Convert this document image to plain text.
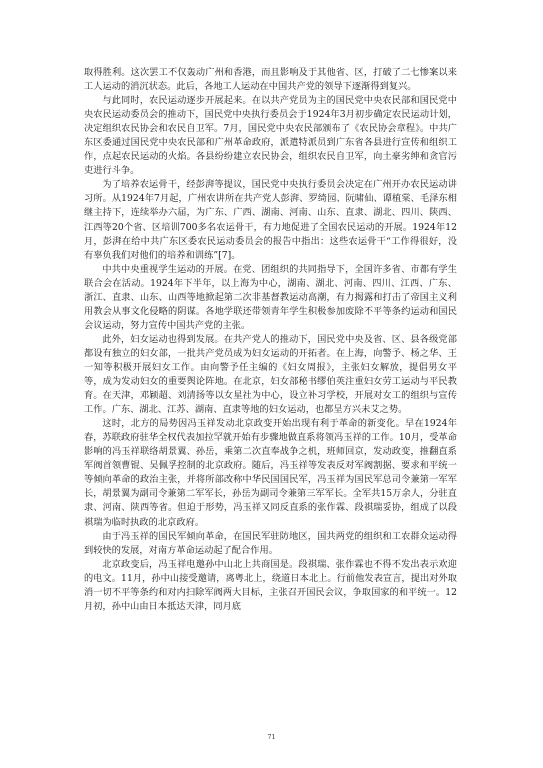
取得胜利。这次罢工不仅轰动广州和香港，而且影响及于其他省、区，打破了二七惨案以来工人运动的消沉状态。此后，各地工人运动在中国共产党的领导下逐渐得到复兴。

与此同时，农民运动逐步开展起来。在以共产党员为主的国民党中央农民部和国民党中央农民运动委员会的推动下，国民党中央执行委员会于1924年3月初步确定农民运动计划，决定组织农民协会和农民自卫军。7月，国民党中央农民部颁布了《农民协会章程》。中共广东区委通过国民党中央农民部和广州革命政府，派遣特派员到广东省各县进行宣传和组织工作，点起农民运动的火焰。各县纷纷建立农民协会，组织农民自卫军，向土豪劣绅和贪官污吏进行斗争。

为了培养农运骨干，经彭湃等提议，国民党中央执行委员会决定在广州开办农民运动讲习所。从1924年7月起，广州农讲所在共产党人彭湃、罗绮园、阮啸仙、谭植棠、毛泽东相继主持下，连续举办六届，为广东、广西、湖南、河南、山东、直隶、湖北、四川、陕西、江西等20个省、区培训700多名农运骨干，有力地促进了全国农民运动的开展。1924年12月，彭湃在给中共广东区委农民运动委员会的报告中指出：这些农运骨干“工作得很好，没有辜负我们对他们的培养和训练”[7]。

中共中央重视学生运动的开展。在党、团组织的共同指导下，全国许多省、市都有学生联合会在活动。1924年下半年，以上海为中心，湖南、湖北、河南、四川、江西、广东、浙江、直隶、山东、山西等地掀起第二次非基督教运动高潮，有力揭露和打击了帝国主义利用教会从事文化侵略的阴谋。各地学联还带领青年学生积极参加废除不平等条约运动和国民会议运动，努力宣传中国共产党的主张。

此外，妇女运动也得到发展。在共产党人的推动下，国民党中央及省、区、县各级党部都设有独立的妇女部，一批共产党员成为妇女运动的开拓者。在上海，向警予、杨之华、王一知等积极开展妇女工作。由向警予任主编的《妇女周报》，主张妇女解放，提倡男女平等，成为发动妇女的重要舆论阵地。在北京，妇女部秘书缪伯英注重妇女劳工运动与平民教育。在天津，邓颖超、刘清扬等以女星社为中心，设立补习学校，开展对女工的组织与宣传工作。广东、湖北、江苏、湖南、直隶等地的妇女运动，也都呈方兴未艾之势。

这时，北方的局势因冯玉祥发动北京政变开始出现有利于革命的新变化。早在1924年春，苏联政府驻华全权代表加拉罕就开始有步骤地做直系将领冯玉祥的工作。10月，受革命影响的冯玉祥联络胡景翼、孙岳，乘第二次直奉战争之机，班师回京，发动政变，推翻直系军阀首领曹锟、吴佩孚控制的北京政府。随后，冯玉祥等发表反对军阀割据、要求和平统一等倾向革命的政治主张，并将所部改称中华民国国民军，冯玉祥为国民军总司令兼第一军军长，胡景翼为副司令兼第二军军长，孙岳为副司令兼第三军军长。全军共15万余人，分驻直隶、河南、陕西等省。但迫于形势，冯玉祥又同反直系的张作霖、段祺瑞妥协，组成了以段祺瑞为临时执政的北京政府。

由于冯玉祥的国民军倾向革命，在国民军驻防地区，国共两党的组织和工农群众运动得到较快的发展，对南方革命运动起了配合作用。

北京政变后，冯玉祥电邀孙中山北上共商国是。段祺瑞、张作霖也不得不发出表示欢迎的电文。11月，孙中山接受邀请，离粤北上，绕道日本北上。行前他发表宣言，提出对外取消一切不平等条约和对内扫除军阀两大目标，主张召开国民会议，争取国家的和平统一。12月初，孙中山由日本抵达天津，同月底

71
